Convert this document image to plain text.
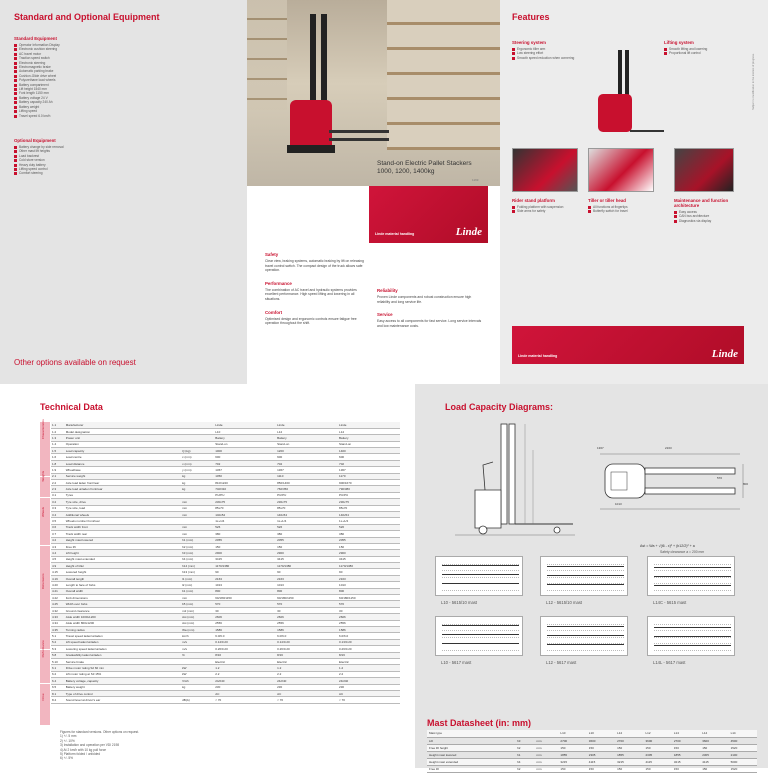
Standard and Optional Equipment
Standard Equipment
Operator Information Display
Electronic cushion steering
AC travel motor
Traction speed switch
Electronic steering
Electromagnetic brake
Automatic parking brake
Cushion-Glide drive wheel
Polyurethane load wheels
Battery compartment
Lift height 1540 mm
Fork length 1150 mm
Battery voltage 24 V
Battery capacity 240 Ah
Battery weight
Lifting speed
Travel speed 6.0 km/h
Optional Equipment
Battery change by side removal
Other mast lift heights
Load backrest
Cold store version
Heavy duty battery
Lifting speed control
Comfort steering
Other options available on request
Stand-on Electric Pallet Stackers
1000, 1200, 1400kg
1169
Linde material handling	Linde
Safety
Clear view, braking systems, automatic braking by lift on releasing travel control switch. The compact design of the truck allows safe operation.
Performance
The combination of AC travel and hydraulic systems provides excellent performance. High speed lifting and lowering in all situations.
Comfort
Optimised design and ergonomic controls ensure fatigue free operation throughout the shift.
Reliability
Proven Linde components and robust construction ensure high reliability and long service life.
Service
Easy access to all components for fast service. Long service intervals and low maintenance costs.
Features
Steering system
Ergonomic tiller arm
Low steering effort
Smooth speed reduction when cornering
Lifting system
Smooth lifting and lowering
Proportional lift control
Rider stand platform
Folding platform with suspension
Side arms for safety
Tiller or tiller head
All functions at fingertips
Butterfly switch for travel
Maintenance and function architecture
Easy access
CAN bus architecture
Diagnostics via display
Subject to modification in the interest of progress.
Linde material handling	Linde
Technical Data
Characteristics
Weights
Wheels
Dimensions
Performance
Drive
1.1	Manufacturer		Linde	Linde	Linde
1.2	Model designation		L10	L12	L14
1.3	Power unit		Battery	Battery	Battery
1.4	Operation		Stand-on	Stand-on	Stand-on
1.5	Load capacity	Q (kg)	1000	1200	1400
1.6	Load centre	c (mm)	600	600	600
1.8	Load distance	x (mm)	702	702	702
1.9	Wheelbase	y (mm)	1367	1367	1367
2.1	Service weight	kg	1050	1110	1170
2.2	Axle load laden front/rear	kg	810/1240	850/1460	900/1670
2.3	Axle load unladen front/rear	kg	740/310	760/350	790/380
3.1	Tyres		PU/PU	PU/PU	PU/PU
3.2	Tyre size, drive	mm	230x75	230x75	230x75
3.3	Tyre size, load	mm	85x70	85x70	85x70
3.4	Additional wheels	mm	140x54	140x54	140x54
3.5	Wheels number front/rear		1x+1/4	1x+1/4	1x+1/4
3.6	Track width front	mm	526	526	526
3.7	Track width rear	mm	380	380	380
4.2	Height mast lowered	h1 (mm)	2055	2055	2055
4.3	Free lift	h2 (mm)	150	150	150
4.4	Lift height	h3 (mm)	2900	2900	2900
4.5	Height mast extended	h4 (mm)	3415	3415	3415
4.9	Height of tiller	h14 (mm)	1170/1380	1170/1380	1170/1380
4.15	Lowered height	h13 (mm)	90	90	90
4.19	Overall length	l1 (mm)	2163	2163	2163
4.20	Length to face of forks	l2 (mm)	1013	1013	1013
4.21	Overall width	b1 (mm)	800	800	800
4.22	Fork dimensions	mm	60/180/1150	60/180/1150	60/180/1150
4.25	Width over forks	b5 (mm)	570	570	570
4.32	Ground clearance	m2 (mm)	30	30	30
4.33	Aisle width 1000x1200	Ast (mm)	2606	2606	2606
4.34	Aisle width 800x1200	Ast (mm)	2556	2556	2556
4.35	Turning radius	Wa (mm)	1586	1586	1586
5.1	Travel speed laden/unladen	km/h	6.0/6.0	6.0/6.0	6.0/6.0
5.2	Lift speed laden/unladen	m/s	0.14/0.20	0.14/0.20	0.13/0.20
5.3	Lowering speed laden/unladen	m/s	0.26/0.20	0.26/0.20	0.26/0.20
5.8	Gradeability laden/unladen	%	8/16	8/16	8/16
5.10	Service brake		Electric	Electric	Electric
6.1	Drive motor rating S2 60 min	kW	1.2	1.2	1.2
6.2	Lift motor rating at S3 15%	kW	2.2	2.2	2.2
6.4	Battery voltage, capacity	V/Ah	24/240	24/240	24/240
6.5	Battery weight	kg	230	230	230
8.1	Type of drive control		AC	AC	AC
8.4	Sound level at driver's ear	dB(A)	< 70	< 70	< 70
Figures for standard versions. Other options on request.
1) +/- 5 mm
2) +/- 10%
3) Installation and operation per VDI 2198
4) At 2 km/h with 10 kg pull force
5) Platform folded / unfolded
6) +/- 5%
Load Capacity Diagrams:
1367	2163
800
570
1013
Ast = Wa + √(l6 - x)² + (b12/2)² + a
Safety clearance a = 200 mm
L10 - 5615/10 mast	L12 - 5615/10 mast	L14C - 5615 mast
L10 - 5617 mast	L12 - 5617 mast	L14L - 5617 mast
Mast Datasheet (in: mm)
Mast type			L10	L10	L12	L12	L14	L14	L14
Lift	h3	mm	2700	3600	2700	3600	2700	3600	4500
Free lift height	h2	mm	150	150	150	150	150	150	1520
Height mast lowered	h1	mm	1855	2305	1855	2305	1855	2305	2100
Height mast extended	h4	mm	3215	4115	3215	4115	3215	4115	5000
Free lift	h2	mm	150	150	150	150	150	150	1520
